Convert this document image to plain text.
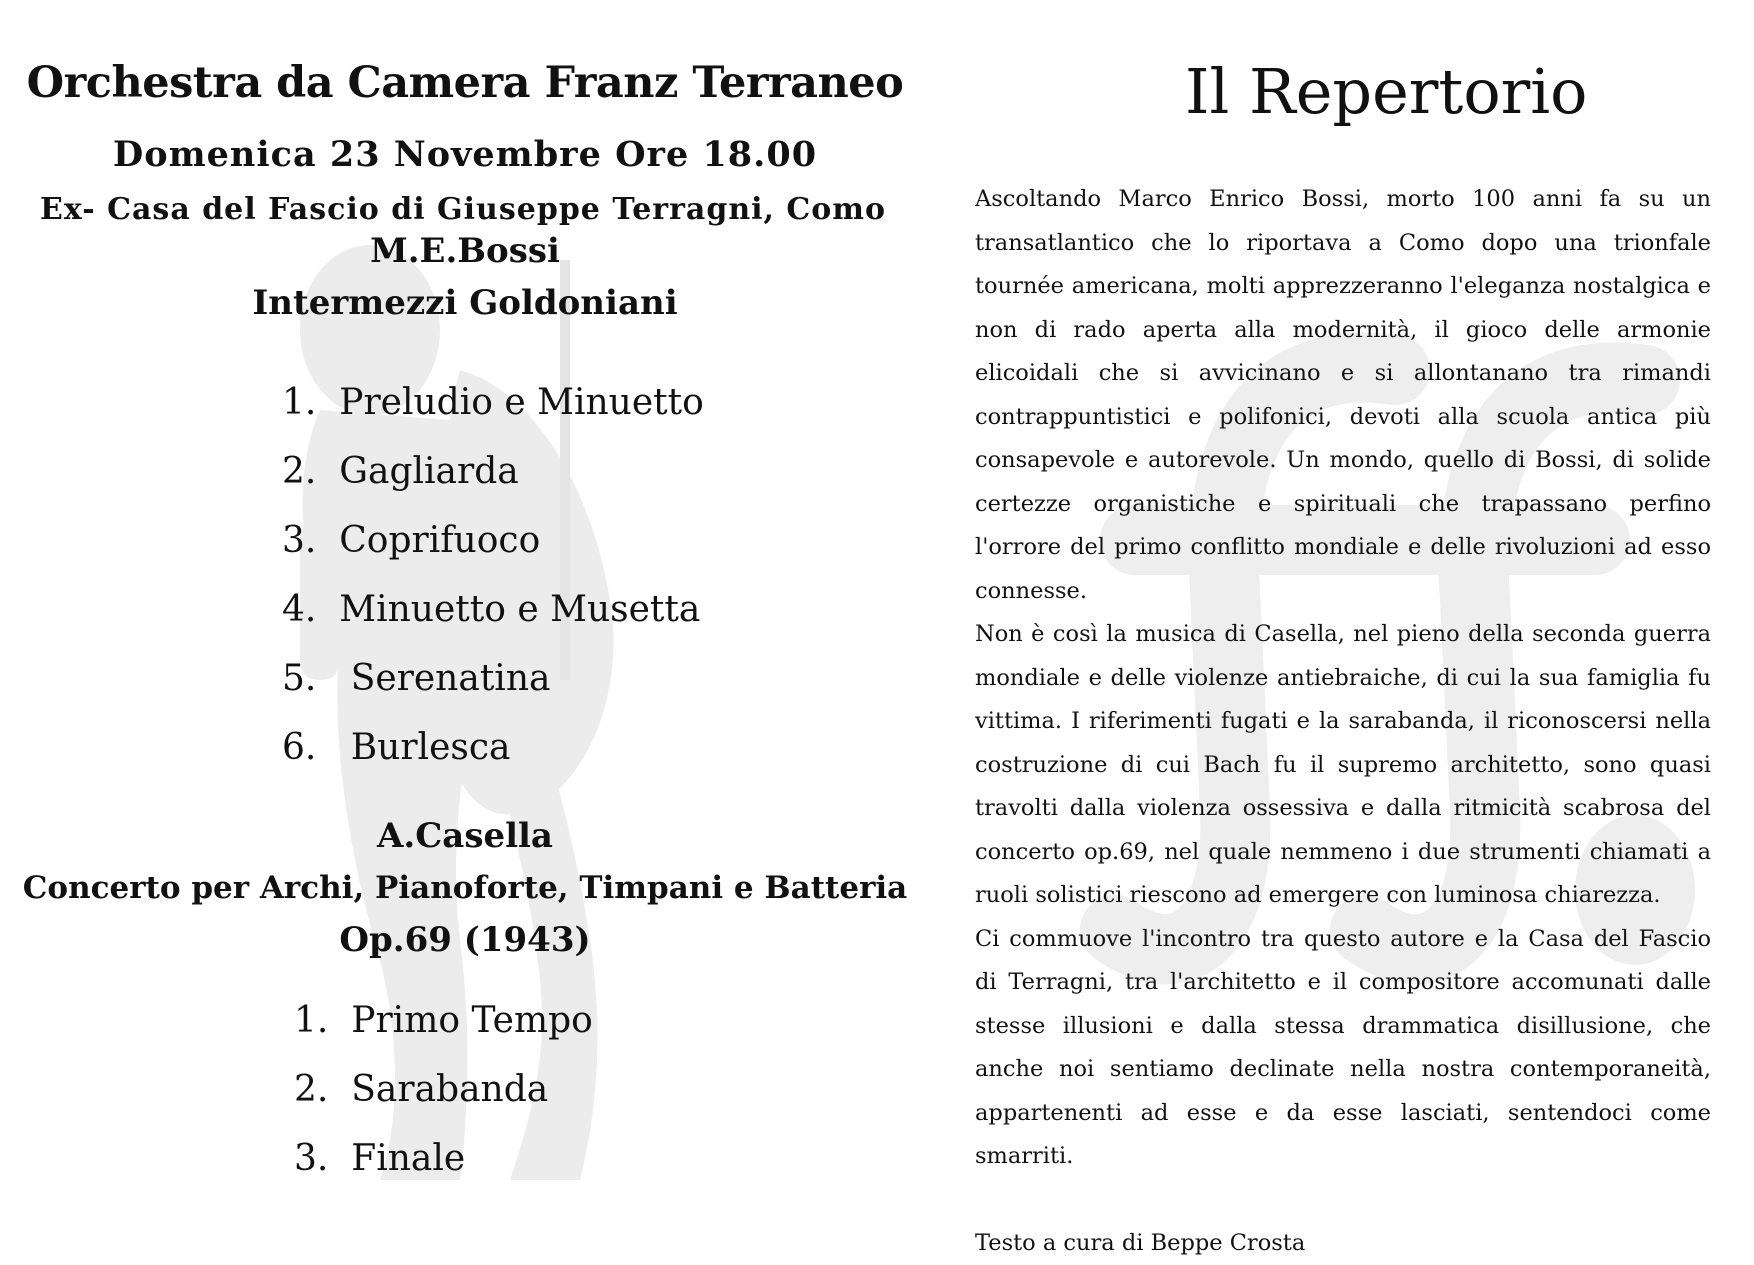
Orchestra da Camera Franz Terraneo
Domenica 23 Novembre Ore 18.00
Ex- Casa del Fascio di Giuseppe Terragni, Como
M.E.Bossi
Intermezzi Goldoniani
1. Preludio e Minuetto
2. Gagliarda
3. Coprifuoco
4. Minuetto e Musetta
5. Serenatina
6. Burlesca
A.Casella
Concerto per Archi, Pianoforte, Timpani e Batteria
Op.69 (1943)
1. Primo Tempo
2. Sarabanda
3. Finale
Il Repertorio

Ascoltando Marco Enrico Bossi, morto 100 anni fa su un transatlantico che lo riportava a Como dopo una trionfale tournée americana, molti apprezzeranno l'eleganza nostalgica e non di rado aperta alla modernità, il gioco delle armonie elicoidali che si avvicinano e si allontanano tra rimandi contrappuntistici e polifonici, devoti alla scuola antica più consapevole e autorevole. Un mondo, quello di Bossi, di solide certezze organistiche e spirituali che trapassano perfino l'orrore del primo conflitto mondiale e delle rivoluzioni ad esso connesse.

Non è così la musica di Casella, nel pieno della seconda guerra mondiale e delle violenze antiebraiche, di cui la sua famiglia fu vittima. I riferimenti fugati e la sarabanda, il riconoscersi nella costruzione di cui Bach fu il supremo architetto, sono quasi travolti dalla violenza ossessiva e dalla ritmicità scabrosa del concerto op.69, nel quale nemmeno i due strumenti chiamati a ruoli solistici riescono ad emergere con luminosa chiarezza.

Ci commuove l'incontro tra questo autore e la Casa del Fascio di Terragni, tra l'architetto e il compositore accomunati dalle stesse illusioni e dalla stessa drammatica disillusione, che anche noi sentiamo declinate nella nostra contemporaneità, appartenenti ad esse e da esse lasciati, sentendoci come smarriti.

Testo a cura di Beppe Crosta
